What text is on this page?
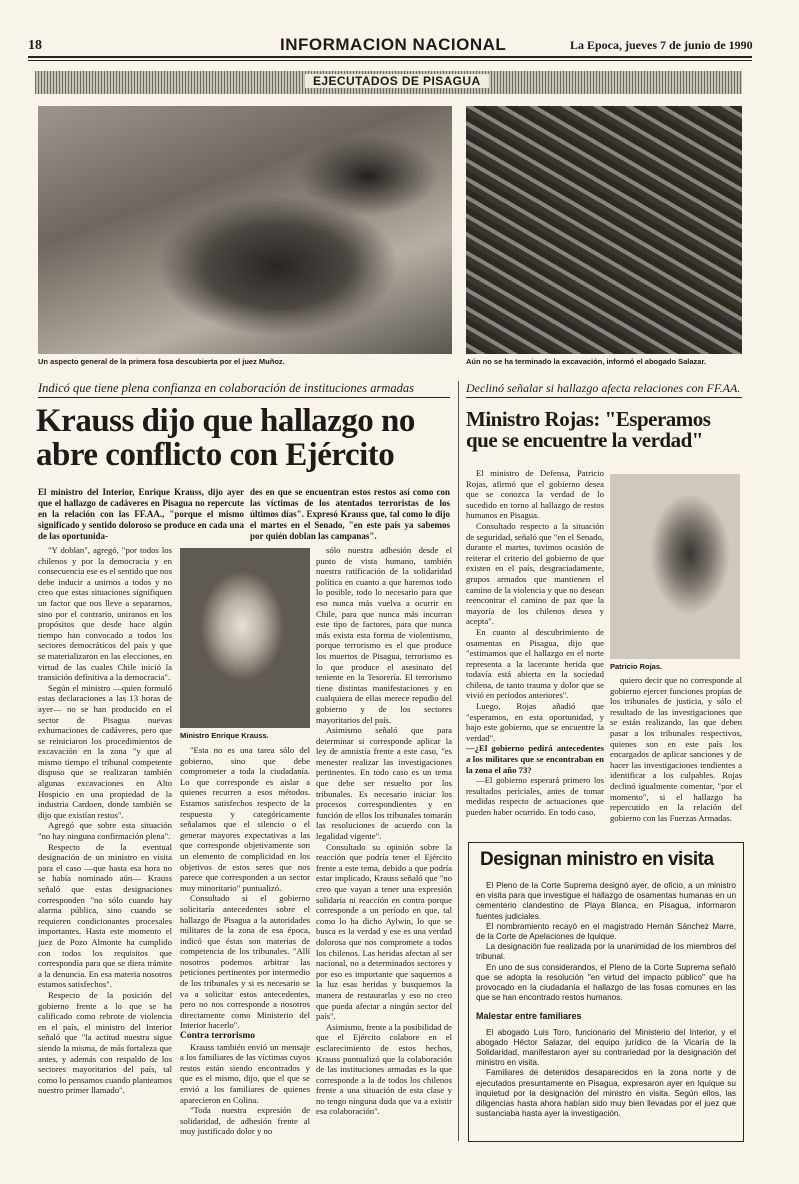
18	INFORMACION NACIONAL	La Epoca, jueves 7 de junio de 1990
EJECUTADOS DE PISAGUA
Un aspecto general de la primera fosa descubierta por el juez Muñoz.	Aún no se ha terminado la excavación, informó el abogado Salazar.
Indicó que tiene plena confianza en colaboración de instituciones armadas
Krauss dijo que hallazgo no abre conflicto con Ejército
El ministro del Interior, Enrique Krauss, dijo ayer que el hallazgo de cadáveres en Pisagua no repercute en la relación con las FF.AA., "porque el mismo significado y sentido doloroso se produce en cada una de las oportunida-
des en que se encuentran estos restos así como con las víctimas de los atentados terroristas de los últimos días". Expresó Krauss que, tal como lo dijo el martes en el Senado, "en este país ya sabemos por quién doblan las campanas".

"Y doblan", agregó, "por todos los chilenos y por la democracia y en consecuencia ese es el sentido que nos debe inducir a unirnos a todos y no creo que estas situaciones signifiquen un factor que nos lleve a separarnos, sino por el contrario, uniranos en los propósitos que desde hace algún tiempo han convocado a todos los sectores democráticos del país y que se materializaron en las elecciones, en virtud de las cuales Chile inició la transición definitiva a la democracia".

Según el ministro —quien formuló estas declaraciones a las 13 horas de ayer— no se han producido en el sector de Pisagua nuevas exhumaciones de cadáveres, pero que se reiniciaron los procedimientos de excavación en la zona "y que al mismo tiempo el tribunal competente dispuso que se realizaran también algunas excavaciones en Alto Hospicio en una propiedad de la industria Cardoen, donde también se dijo que existían restos".

Agregó que sobre esta situación "no hay ninguna confirmación plena".

Respecto de la eventual designación de un ministro en visita para el caso —que hasta esa hora no se había nominado aún— Krauss señaló que estas designaciones corresponden "no sólo cuando hay alarma pública, sino cuando se requieren condicionantes procesales importantes. Hasta este momento el juez de Pozo Almonte ha cumplido con todos los requisitos que correspondía para que se diera trámite a la denuncia. En esa materia nosotros estamos satisfechos".

Respecto de la posición del gobierno frente a lo que se ha calificado como rebrote de violencia en el país, el ministro del Interior señaló que "la actitud nuestra sigue siendo la misma, de más fortaleza que antes, y además con respaldo de los sectores mayoritarios del país, tal como lo pensamos cuando planteamos nuestro primer llamado".

Ministro Enrique Krauss.

"Esta no es una tarea sólo del gobierno, sino que debe comprometer a toda la ciudadanía. Lo que corresponde es aislar a quienes recurren a esos métodos. Estamos satisfechos respecto de la respuesta y categóricamente señalamos que el silencio o el generar mayores expectativas a las que corresponde objetivamente son un elemento de complicidad en los objetivos de estos seres que nos parece que corresponden a un sector muy minoritario" puntualizó.

Consultado si el gobierno solicitaría antecedentes sobre el hallazgo de Pisagua a la autoridades militares de la zona de esa época, indicó que éstas son materias de competencia de los tribunales. "Allí nosotros podemos arbitrar las peticiones pertinentes por intermedio de los tribunales y si es necesario se va a solicitar estos antecedentes, pero no nos corresponde a nosotros directamente como Ministerio del Interior hacerlo".

Contra terrorismo

Krauss también envió un mensaje a los familiares de las víctimas cuyos restos están siendo encontrados y que es el mismo, dijo, que el que se envió a los familiares de quienes aparecieron en Colina.

"Toda nuestra expresión de solidaridad, de adhesión frente al muy justificado dolor y no

sólo nuestra adhesión desde el punto de vista humano, también nuestra ratificación de la solidaridad política en cuanto a que haremos todo lo posible, todo lo necesario para que eso nunca más vuelva a ocurrir en Chile, para que nunca más incurran este tipo de factores, para que nunca más exista esta forma de violentismo, porque terrorismo es el que produce los muertos de Pisagua, terrorismo es lo que produce el asesinato del teniente en la Tesorería. El terrorismo tiene distintas manifestaciones y en cualquiera de ellas merece repudio del gobierno y de los sectores mayoritarios del país.

Asimismo señaló que para determinar si corresponde aplicar la ley de amnistía frente a este caso, "es menester realizar las investigaciones pertinentes. En todo caso es un tema que debe ser resuelto por los tribunales. Es necesario iniciar los procesos correspondientes y en función de ellos los tribunales tomarán las resoluciones de acuerdo con la legalidad vigente".

Consultado su opinión sobre la reacción que podría tener el Ejército frente a este tema, debido a que podría estar implicado, Krauss señaló que "no creo que vayan a tener una expresión solidaria ni reacción en contra porque corresponde a un período en que, tal como lo ha dicho Aylwin, lo que se busca es la verdad y ese es una verdad dolorosa que nos compromete a todos los chilenos. Las heridas afectan al ser nacional, no a determinados sectores y por eso es importante que saquemos a la luz esas heridas y busquemos la manera de restaurarlas y eso no creo que pueda afectar a ningún sector del país".

Asimismo, frente a la posibilidad de que el Ejército colabore en el esclarecimiento de estos hechos, Krauss puntualizó que la colaboración de las instituciones armadas es la que corresponde a la de todos los chilenos frente a una situación de esta clase y no tengo ninguna duda que va a existir esa colaboración".

Declinó señalar si hallazgo afecta relaciones con FF.AA.
Ministro Rojas: "Esperamos que se encuentre la verdad"

El ministro de Defensa, Patricio Rojas, afirmó que el gobierno desea que se conozca la verdad de lo sucedido en torno al hallazgo de restos humanos en Pisagua.

Consultado respecto a la situación de seguridad, señaló que "en el Senado, durante el martes, tuvimos ocasión de reiterar el criterio del gobierno de que existen en el país, desgraciadamente, grupos armados que mantienen el camino de la violencia y que no desean reencontrar el camino de paz que la mayoría de los chilenos desea y acepta".

En cuanto al descubrimiento de osamentas en Pisagua, dijo que "estimamos que el hallazgo en el norte representa a la lacerante herida que todavía está abierta en la sociedad chilena, de tanto trauma y dolor que se vivió en períodos anteriores".

Luego, Rojas añadió que "esperamos, en esta oportunidad, y bajo este gobierno, que se encuentre la verdad".

—¿El gobierno pedirá antecedentes a los militares que se encontraban en la zona el año 73?

—El gobierno esperará primero los resultados periciales, antes de tomar medidas respecto de actuaciones que pueden haber ocurrido. En todo caso,

Patricio Rojas.

quiero decir que no corresponde al gobierno ejercer funciones propias de los tribunales de justicia, y sólo el resultado de las investigaciones que se están realizando, las que deben pasar a los tribunales respectivos, quienes son en este país los encargados de aplicar sanciones y de hacer las investigaciones tendientes a identificar a los culpables. Rojas declinó igualmente comentar, "por el momento", si el hallazgo ha repercutido en la relación del gobierno con las Fuerzas Armadas.

Designan ministro en visita

El Pleno de la Corte Suprema designó ayer, de oficio, a un ministro en visita para que investigue el hallazgo de osamentas humanas en un cementerio clandestino de Playa Blanca, en Pisagua, informaron fuentes judiciales.

El nombramiento recayó en el magistrado Hernán Sánchez Marre, de la Corte de Apelaciones de Iquique.

La designación fue realizada por la unanimidad de los miembros del tribunal.

En uno de sus considerandos, el Pleno de la Corte Suprema señaló que se adopta la resolución "en virtud del impacto público" que ha provocado en la ciudadanía el hallazgo de las fosas comunes en las que se han encontrado restos humanos.

Malestar entre familiares

El abogado Luis Toro, funcionario del Ministerio del Interior, y el abogado Héctor Salazar, del equipo jurídico de la Vicaría de la Solidaridad, manifestaron ayer su contrariedad por la designación del ministro en visita.

Familiares de detenidos desaparecidos en la zona norte y de ejecutados presuntamente en Pisagua, expresaron ayer en Iquique su inquietud por la designación del ministro en visita. Según ellos, las diligencias hasta ahora habían sido muy bien llevadas por el juez que sustanciaba hasta ayer la investigación.
